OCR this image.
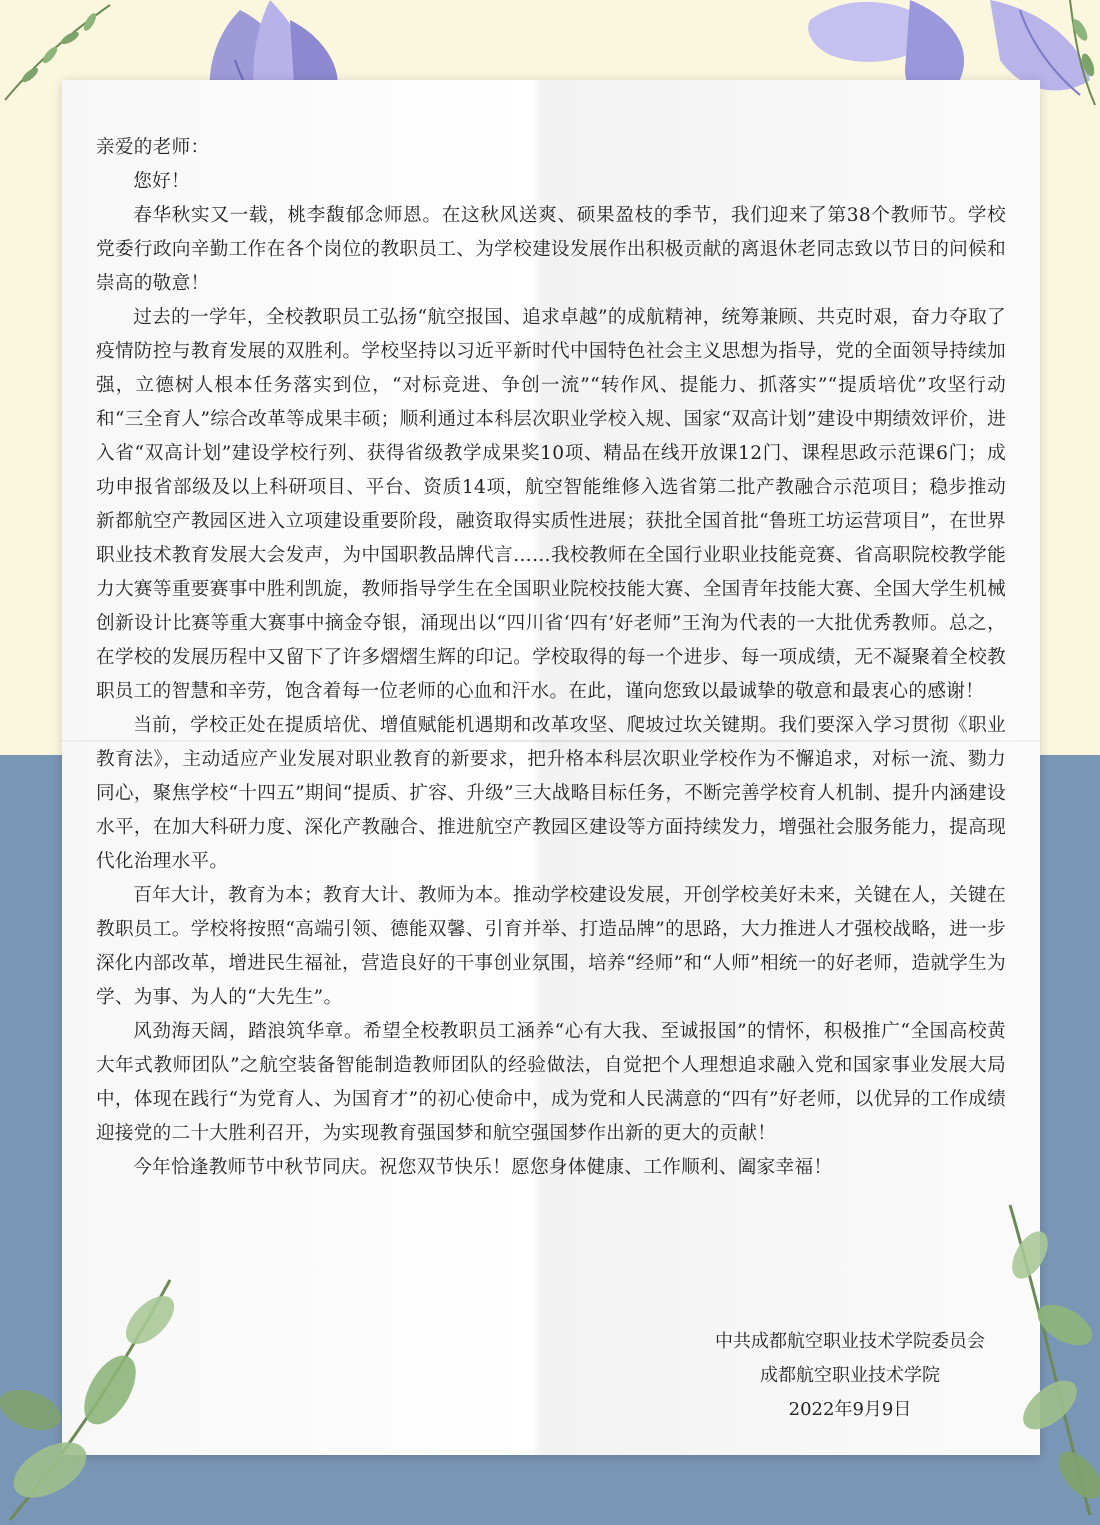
亲爱的老师：

您好！

春华秋实又一载，桃李馥郁念师恩。在这秋风送爽、硕果盈枝的季节，我们迎来了第38个教师节。学校党委行政向辛勤工作在各个岗位的教职员工、为学校建设发展作出积极贡献的离退休老同志致以节日的问候和崇高的敬意！

过去的一学年，全校教职员工弘扬“航空报国、追求卓越”的成航精神，统筹兼顾、共克时艰，奋力夺取了疫情防控与教育发展的双胜利。学校坚持以习近平新时代中国特色社会主义思想为指导，党的全面领导持续加强，立德树人根本任务落实到位，“对标竞进、争创一流”“转作风、提能力、抓落实”“提质培优”攻坚行动和“三全育人”综合改革等成果丰硕；顺利通过本科层次职业学校入规、国家“双高计划”建设中期绩效评价，进入省“双高计划”建设学校行列、获得省级教学成果奖10项、精品在线开放课12门、课程思政示范课6门；成功申报省部级及以上科研项目、平台、资质14项，航空智能维修入选省第二批产教融合示范项目；稳步推动新都航空产教园区进入立项建设重要阶段，融资取得实质性进展；获批全国首批“鲁班工坊运营项目”，在世界职业技术教育发展大会发声，为中国职教品牌代言……我校教师在全国行业职业技能竞赛、省高职院校教学能力大赛等重要赛事中胜利凯旋，教师指导学生在全国职业院校技能大赛、全国青年技能大赛、全国大学生机械创新设计比赛等重大赛事中摘金夺银，涌现出以“四川省‘四有’好老师”王洵为代表的一大批优秀教师。总之，在学校的发展历程中又留下了许多熠熠生辉的印记。学校取得的每一个进步、每一项成绩，无不凝聚着全校教职员工的智慧和辛劳，饱含着每一位老师的心血和汗水。在此，谨向您致以最诚挚的敬意和最衷心的感谢！

当前，学校正处在提质培优、增值赋能机遇期和改革攻坚、爬坡过坎关键期。我们要深入学习贯彻《职业教育法》，主动适应产业发展对职业教育的新要求，把升格本科层次职业学校作为不懈追求，对标一流、勠力同心，聚焦学校“十四五”期间“提质、扩容、升级”三大战略目标任务，不断完善学校育人机制、提升内涵建设水平，在加大科研力度、深化产教融合、推进航空产教园区建设等方面持续发力，增强社会服务能力，提高现代化治理水平。

百年大计，教育为本；教育大计、教师为本。推动学校建设发展，开创学校美好未来，关键在人，关键在教职员工。学校将按照“高端引领、德能双馨、引育并举、打造品牌”的思路，大力推进人才强校战略，进一步深化内部改革，增进民生福祉，营造良好的干事创业氛围，培养“经师”和“人师”相统一的好老师，造就学生为学、为事、为人的“大先生”。

风劲海天阔，踏浪筑华章。希望全校教职员工涵养“心有大我、至诚报国”的情怀，积极推广“全国高校黄大年式教师团队”之航空装备智能制造教师团队的经验做法，自觉把个人理想追求融入党和国家事业发展大局中，体现在践行“为党育人、为国育才”的初心使命中，成为党和人民满意的“四有”好老师，以优异的工作成绩迎接党的二十大胜利召开，为实现教育强国梦和航空强国梦作出新的更大的贡献！

今年恰逢教师节中秋节同庆。祝您双节快乐！愿您身体健康、工作顺利、阖家幸福！

中共成都航空职业技术学院委员会
成都航空职业技术学院
2022年9月9日
